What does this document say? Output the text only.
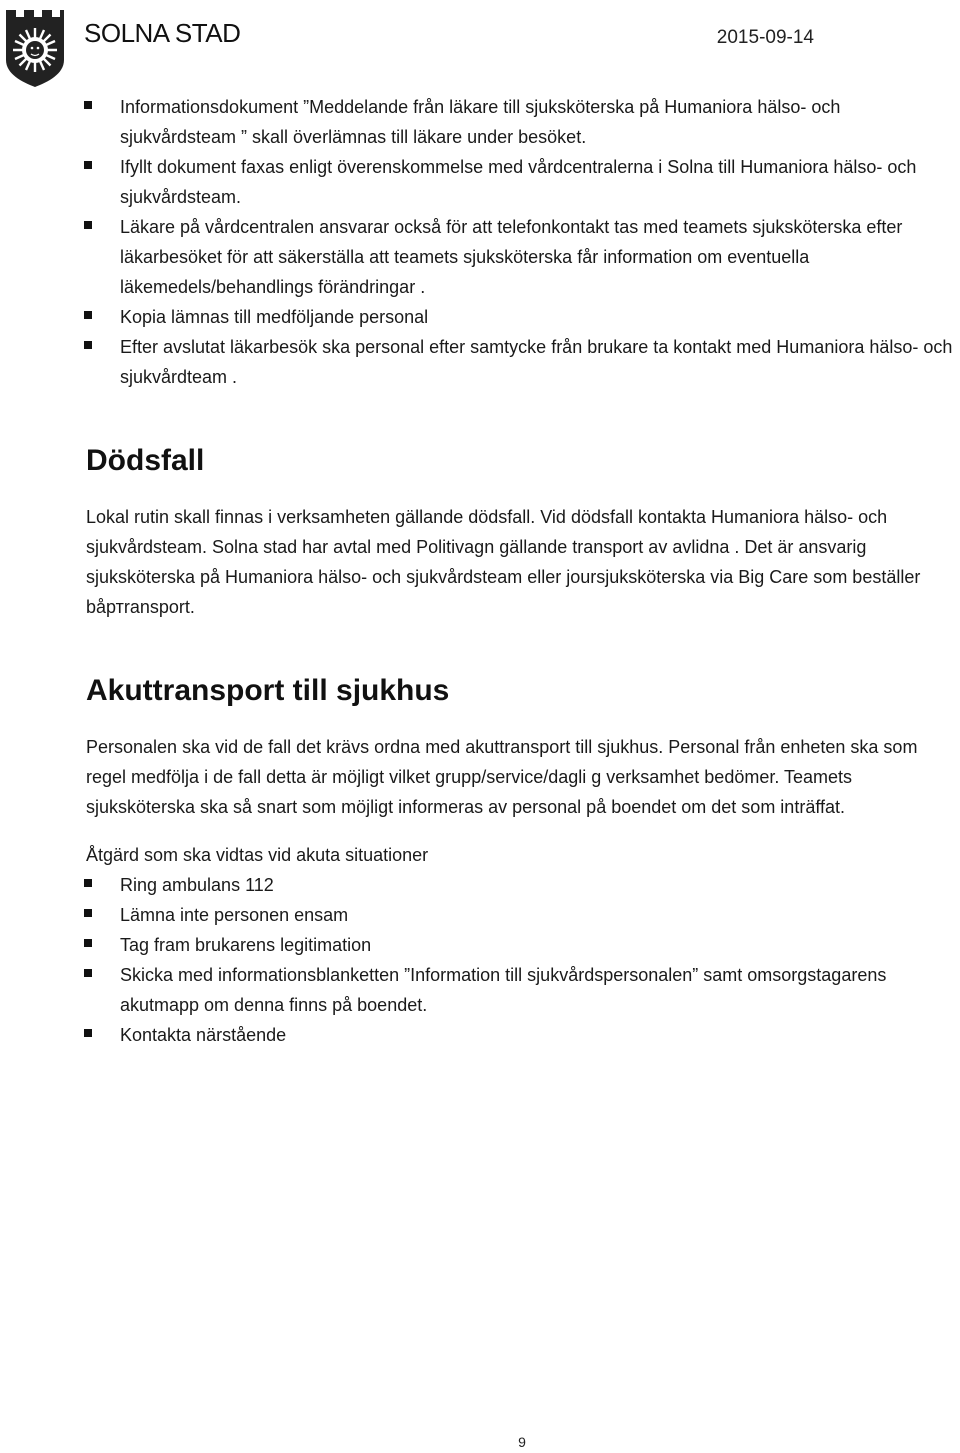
SOLNA STAD	2015-09-14
Informationsdokument ”Meddelande från läkare till sjuksköterska på Humaniora hälso- och sjukvårdsteam ” skall överlämnas till läkare under besöket.
Ifyllt dokument faxas enligt överenskommelse med vårdcentralerna i Solna till Humaniora hälso- och sjukvårdsteam.
Läkare på vårdcentralen ansvarar också för att telefonkontakt tas med teamets sjuksköterska efter läkarbesöket för att säkerställa att teamets sjuksköterska får information om eventuella läkemedels/behandlings förändringar .
Kopia lämnas till medföljande personal
Efter avslutat läkarbesök ska personal efter samtycke från brukare ta kontakt med Humaniora hälso- och sjukvårdteam .
Dödsfall

Lokal rutin skall finnas i verksamheten gällande dödsfall. Vid dödsfall kontakta Humaniora hälso- och sjukvårdsteam. Solna stad har avtal med Politivagn gällande transport av avlidna . Det är ansvarig sjuksköterska på Humaniora hälso- och sjukvårdsteam eller joursjuksköterska via Big Care som beställer båртransport.

Akuttransport till sjukhus

Personalen ska vid de fall det krävs ordna med akuttransport till sjukhus. Personal från enheten ska som regel medfölja i de fall detta är möjligt vilket grupp/service/dagli g verksamhet bedömer. Teamets sjuksköterska ska så snart som möjligt informeras av personal på boendet om det som inträffat.

Åtgärd som ska vidtas vid akuta situationer

Ring ambulans 112
Lämna inte personen ensam
Tag fram brukarens legitimation
Skicka med informationsblanketten ”Information till sjukvårdspersonalen” samt omsorgstagarens akutmapp om denna finns på boendet.
Kontakta närstående
9
